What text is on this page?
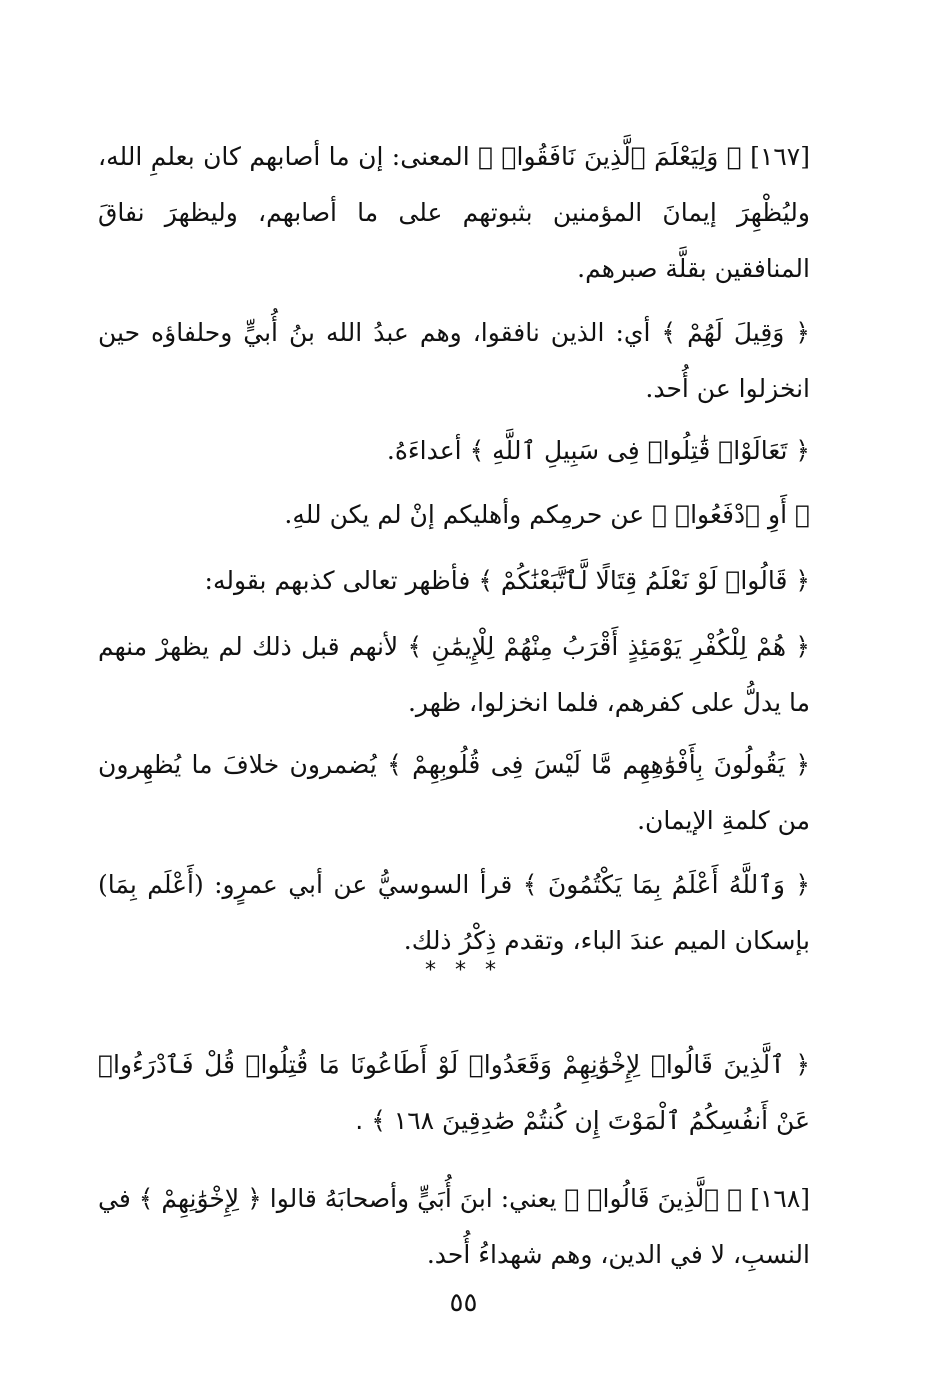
[١٦٧] ﴿ وَلِيَعْلَمَ ٱلَّذِينَ نَافَقُوا۟ ﴾ المعنى: إن ما أصابهم كان بعلمِ الله، وليُظْهِرَ إيمانَ المؤمنين بثبوتهم على ما أصابهم، وليظهرَ نفاقَ المنافقين بقلَّة صبرهم.

﴿ وَقِيلَ لَهُمْ ﴾ أي: الذين نافقوا، وهم عبدُ الله بنُ أُبيٍّ وحلفاؤه حين انخزلوا عن أُحد.

﴿ تَعَالَوْا۟ قَٰتِلُوا۟ فِى سَبِيلِ ٱللَّهِ ﴾ أعداءَهُ.

﴿ أَوِ ٱدْفَعُوا۟ ﴾ عن حرمِكم وأهليكم إنْ لم يكن للهِ.

﴿ قَالُوا۟ لَوْ نَعْلَمُ قِتَالًا لَّٱتَّبَعْنَٰكُمْ ﴾ فأظهر تعالى كذبهم بقوله:

﴿ هُمْ لِلْكُفْرِ يَوْمَئِذٍ أَقْرَبُ مِنْهُمْ لِلْإِيمَٰنِ ﴾ لأنهم قبل ذلك لم يظهرْ منهم ما يدلُّ على كفرهم، فلما انخزلوا، ظهر.

﴿ يَقُولُونَ بِأَفْوَٰهِهِم مَّا لَيْسَ فِى قُلُوبِهِمْ ﴾ يُضمرون خلافَ ما يُظهِرون من كلمةِ الإيمان.

﴿ وَٱللَّهُ أَعْلَمُ بِمَا يَكْتُمُونَ ﴾ قرأ السوسيُّ عن أبي عمرٍو: (أَعْلَم بِمَا) بإسكان الميم عندَ الباء، وتقدم ذِكْرُ ذلك.

* * *

﴿ ٱلَّذِينَ قَالُوا۟ لِإِخْوَٰنِهِمْ وَقَعَدُوا۟ لَوْ أَطَاعُونَا مَا قُتِلُوا۟ قُلْ فَٱدْرَءُوا۟ عَنْ أَنفُسِكُمُ ٱلْمَوْتَ إِن كُنتُمْ صَٰدِقِينَ ١٦٨ ﴾ .

[١٦٨] ﴿ ٱلَّذِينَ قَالُوا۟ ﴾ يعني: ابنَ أُبَيٍّ وأصحابَهُ قالوا ﴿ لِإِخْوَٰنِهِمْ ﴾ في النسبِ، لا في الدين، وهم شهداءُ أُحد.

٥٥
